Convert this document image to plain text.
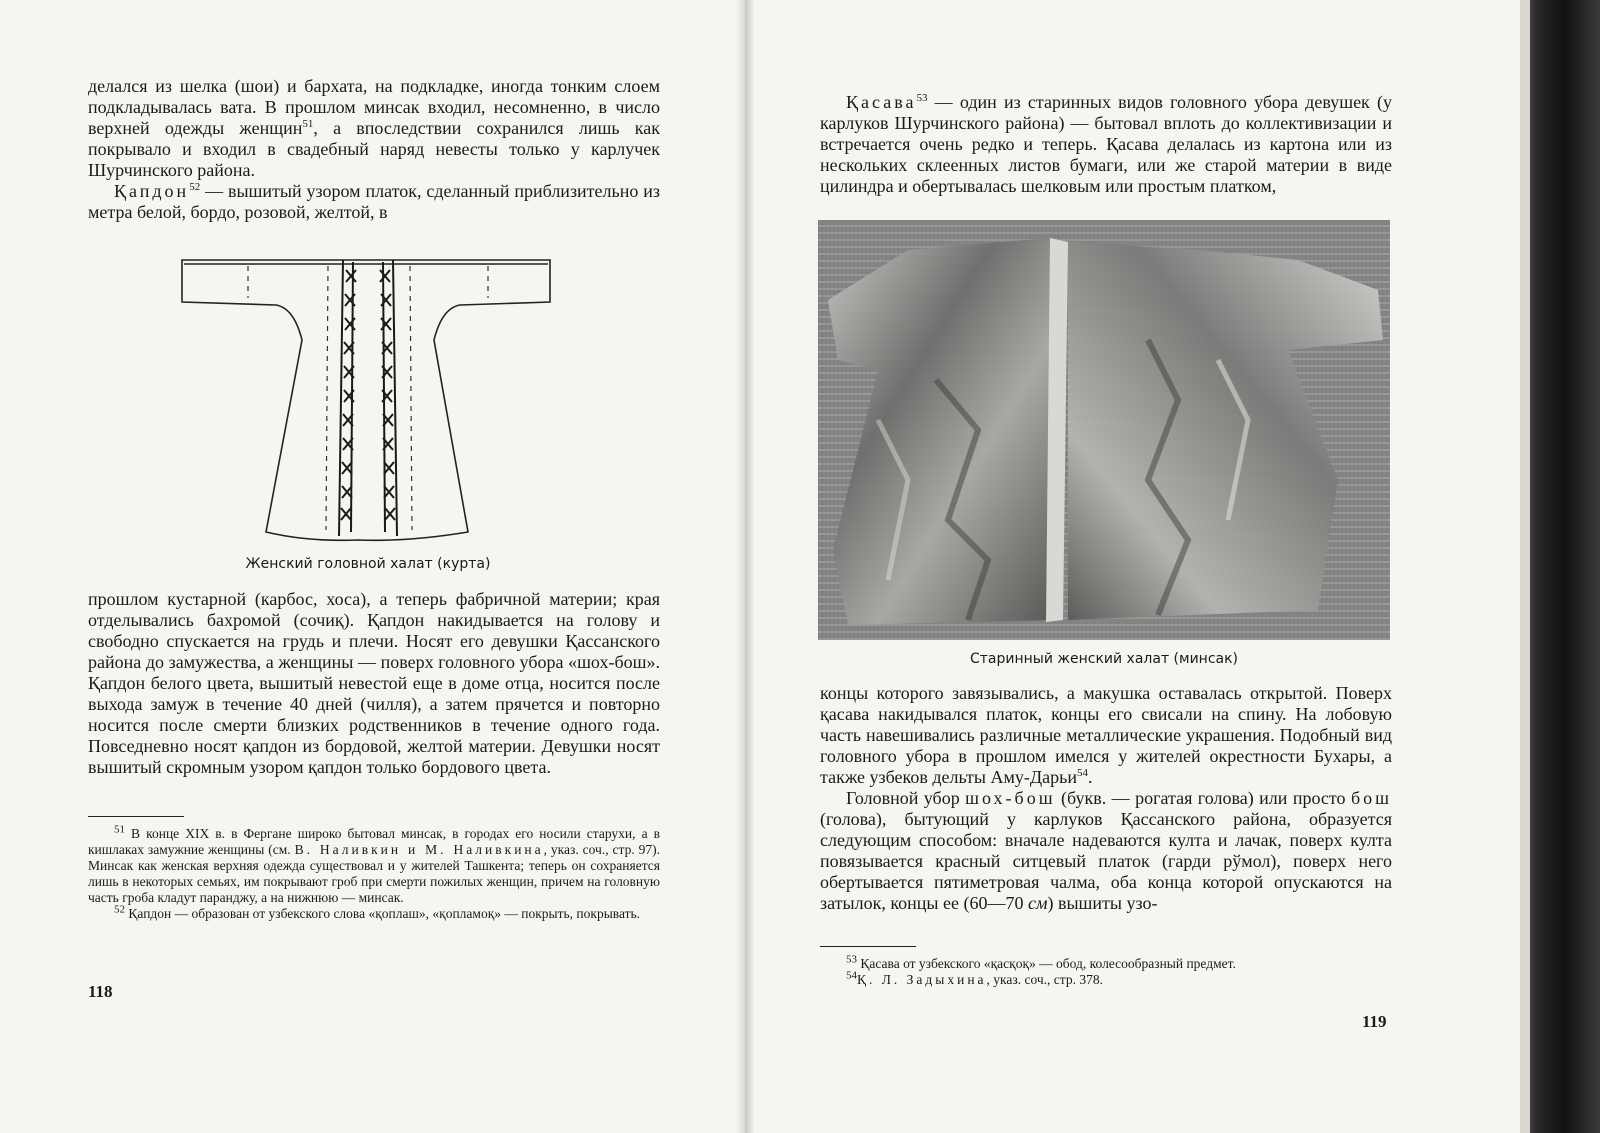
делался из шелка (шои) и бархата, на подкладке, иногда тонким слоем подкладывалась вата. В прошлом минсак входил, несомненно, в число верхней одежды женщин$^{51}$, а впоследствии сохранился лишь как покрывало и входил в свадебный наряд невесты только у карлучек Шурчинского района.

Қапдон$^{52}$ — вышитый узором платок, сделанный приблизительно из метра белой, бордо, розовой, желтой, в

Женский головной халат (курта)

прошлом кустарной (карбос, хоса), а теперь фабричной материи; края отделывались бахромой (сочиқ). Қапдон накидывается на голову и свободно спускается на грудь и плечи. Носят его девушки Қассанского района до замужества, а женщины — поверх головного убора «шох-бош». Қапдон белого цвета, вышитый невестой еще в доме отца, носится после выхода замуж в течение 40 дней (чилля), а затем прячется и повторно носится после смерти близких родственников в течение одного года. Повседневно носят қапдон из бордовой, желтой материи. Девушки носят вышитый скромным узором қапдон только бордового цвета.

$^{51}$ В конце XIX в. в Фергане широко бытовал минсак, в городах его носили старухи, а в кишлаках замужние женщины (см. В. Наливкин и М. Наливкина, указ. соч., стр. 97). Минсак как женская верхняя одежда существовал и у жителей Ташкента; теперь он сохраняется лишь в некоторых семьях, им покрывают гроб при смерти пожилых женщин, причем на головную часть гроба кладут паранджу, а на нижнюю — минсак.

$^{52}$ Қапдон — образован от узбекского слова «қоплаш», «қопламоқ» — покрыть, покрывать.

118

Қасава$^{53}$ — один из старинных видов головного убора девушек (у карлуков Шурчинского района) — бытовал вплоть до коллективизации и встречается очень редко и теперь. Қасава делалась из картона или из нескольких склеенных листов бумаги, или же старой материи в виде цилиндра и обертывалась шелковым или простым платком,

Старинный женский халат (минсак)

концы которого завязывались, а макушка оставалась открытой. Поверх қасава накидывался платок, концы его свисали на спину. На лобовую часть навешивались различные металлические украшения. Подобный вид головного убора в прошлом имелся у жителей окрестности Бухары, а также узбеков дельты Аму-Дарьи$^{54}$.

Головной убор шох-бош (букв. — рогатая голова) или просто бош (голова), бытующий у карлуков Қассанского района, образуется следующим способом: вначале надеваются култа и лачак, поверх култа повязывается красный ситцевый платок (гарди рўмол), поверх него обертывается пятиметровая чалма, оба конца которой опускаются на затылок, концы ее (60—70 см) вышиты узо-

$^{53}$ Қасава от узбекского «қасқоқ» — обод, колесообразный предмет.

$^{54}$Қ. Л. Задыхина, указ. соч., стр. 378.

119
